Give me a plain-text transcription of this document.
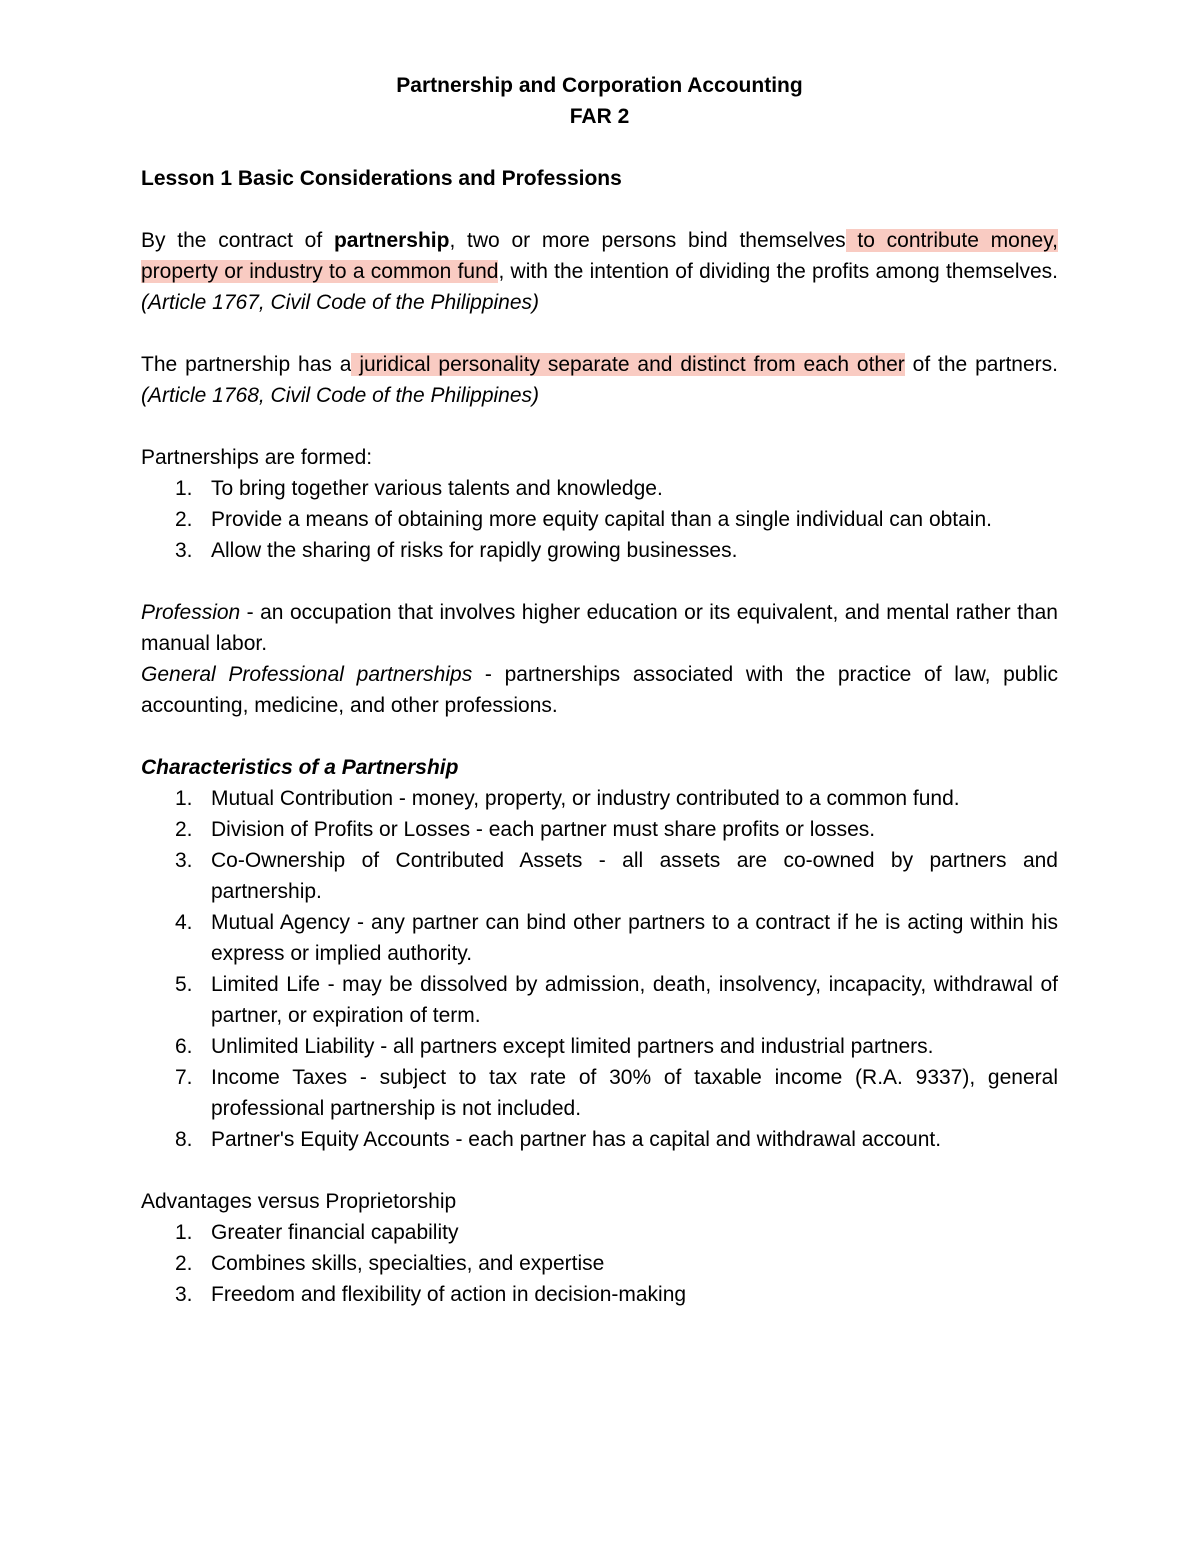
Partnership and Corporation Accounting
FAR 2
Lesson 1 Basic Considerations and Professions
By the contract of partnership, two or more persons bind themselves to contribute money, property or industry to a common fund, with the intention of dividing the profits among themselves. (Article 1767, Civil Code of the Philippines)
The partnership has a juridical personality separate and distinct from each other of the partners. (Article 1768, Civil Code of the Philippines)
Partnerships are formed:
1. To bring together various talents and knowledge.
2. Provide a means of obtaining more equity capital than a single individual can obtain.
3. Allow the sharing of risks for rapidly growing businesses.
Profession - an occupation that involves higher education or its equivalent, and mental rather than manual labor.
General Professional partnerships - partnerships associated with the practice of law, public accounting, medicine, and other professions.
Characteristics of a Partnership
1. Mutual Contribution - money, property, or industry contributed to a common fund.
2. Division of Profits or Losses - each partner must share profits or losses.
3. Co-Ownership of Contributed Assets - all assets are co-owned by partners and partnership.
4. Mutual Agency - any partner can bind other partners to a contract if he is acting within his express or implied authority.
5. Limited Life - may be dissolved by admission, death, insolvency, incapacity, withdrawal of partner, or expiration of term.
6. Unlimited Liability - all partners except limited partners and industrial partners.
7. Income Taxes - subject to tax rate of 30% of taxable income (R.A. 9337), general professional partnership is not included.
8. Partner's Equity Accounts - each partner has a capital and withdrawal account.
Advantages versus Proprietorship
1. Greater financial capability
2. Combines skills, specialties, and expertise
3. Freedom and flexibility of action in decision-making
